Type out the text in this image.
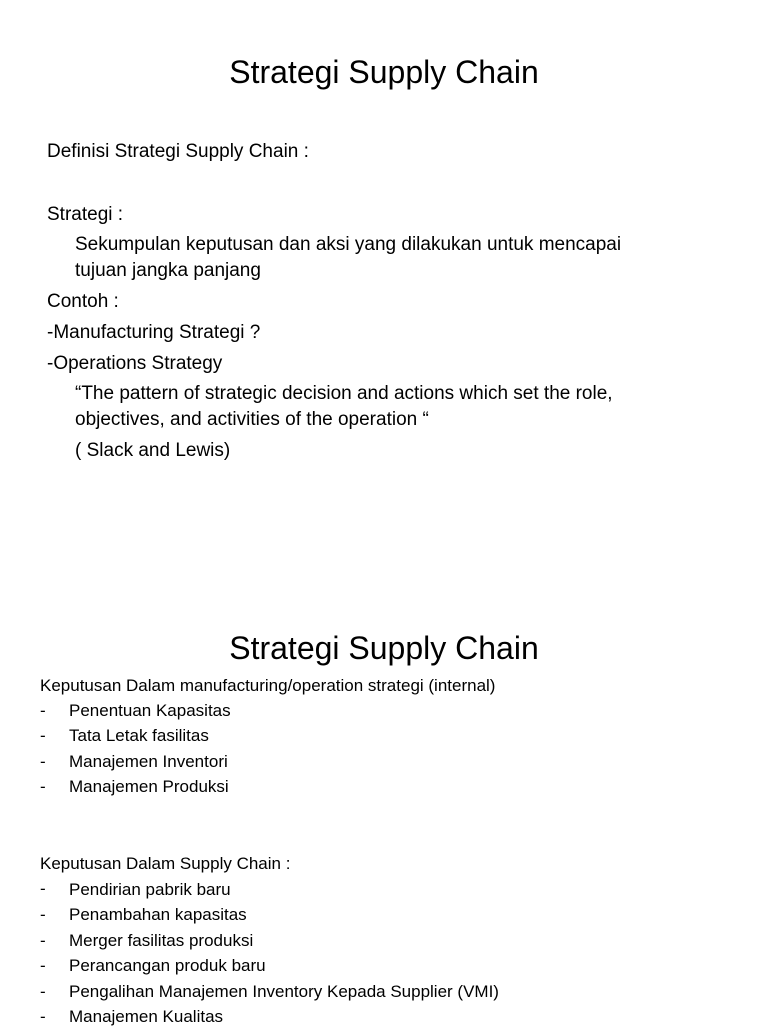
Strategi Supply Chain
Definisi Strategi Supply Chain :
Strategi :
Sekumpulan keputusan dan aksi yang dilakukan untuk mencapai
tujuan jangka panjang
Contoh :
-Manufacturing Strategi ?
-Operations Strategy
“The pattern of strategic decision and actions which set the role,
objectives, and activities of the operation “
( Slack and Lewis)
Strategi Supply Chain
Keputusan Dalam manufacturing/operation strategi (internal)
- Penentuan Kapasitas
- Tata Letak fasilitas
- Manajemen Inventori
- Manajemen Produksi
Keputusan Dalam Supply Chain :
- Pendirian pabrik baru
- Penambahan kapasitas
- Merger fasilitas produksi
- Perancangan produk baru
- Pengalihan Manajemen Inventory Kepada Supplier (VMI)
- Manajemen Kualitas
